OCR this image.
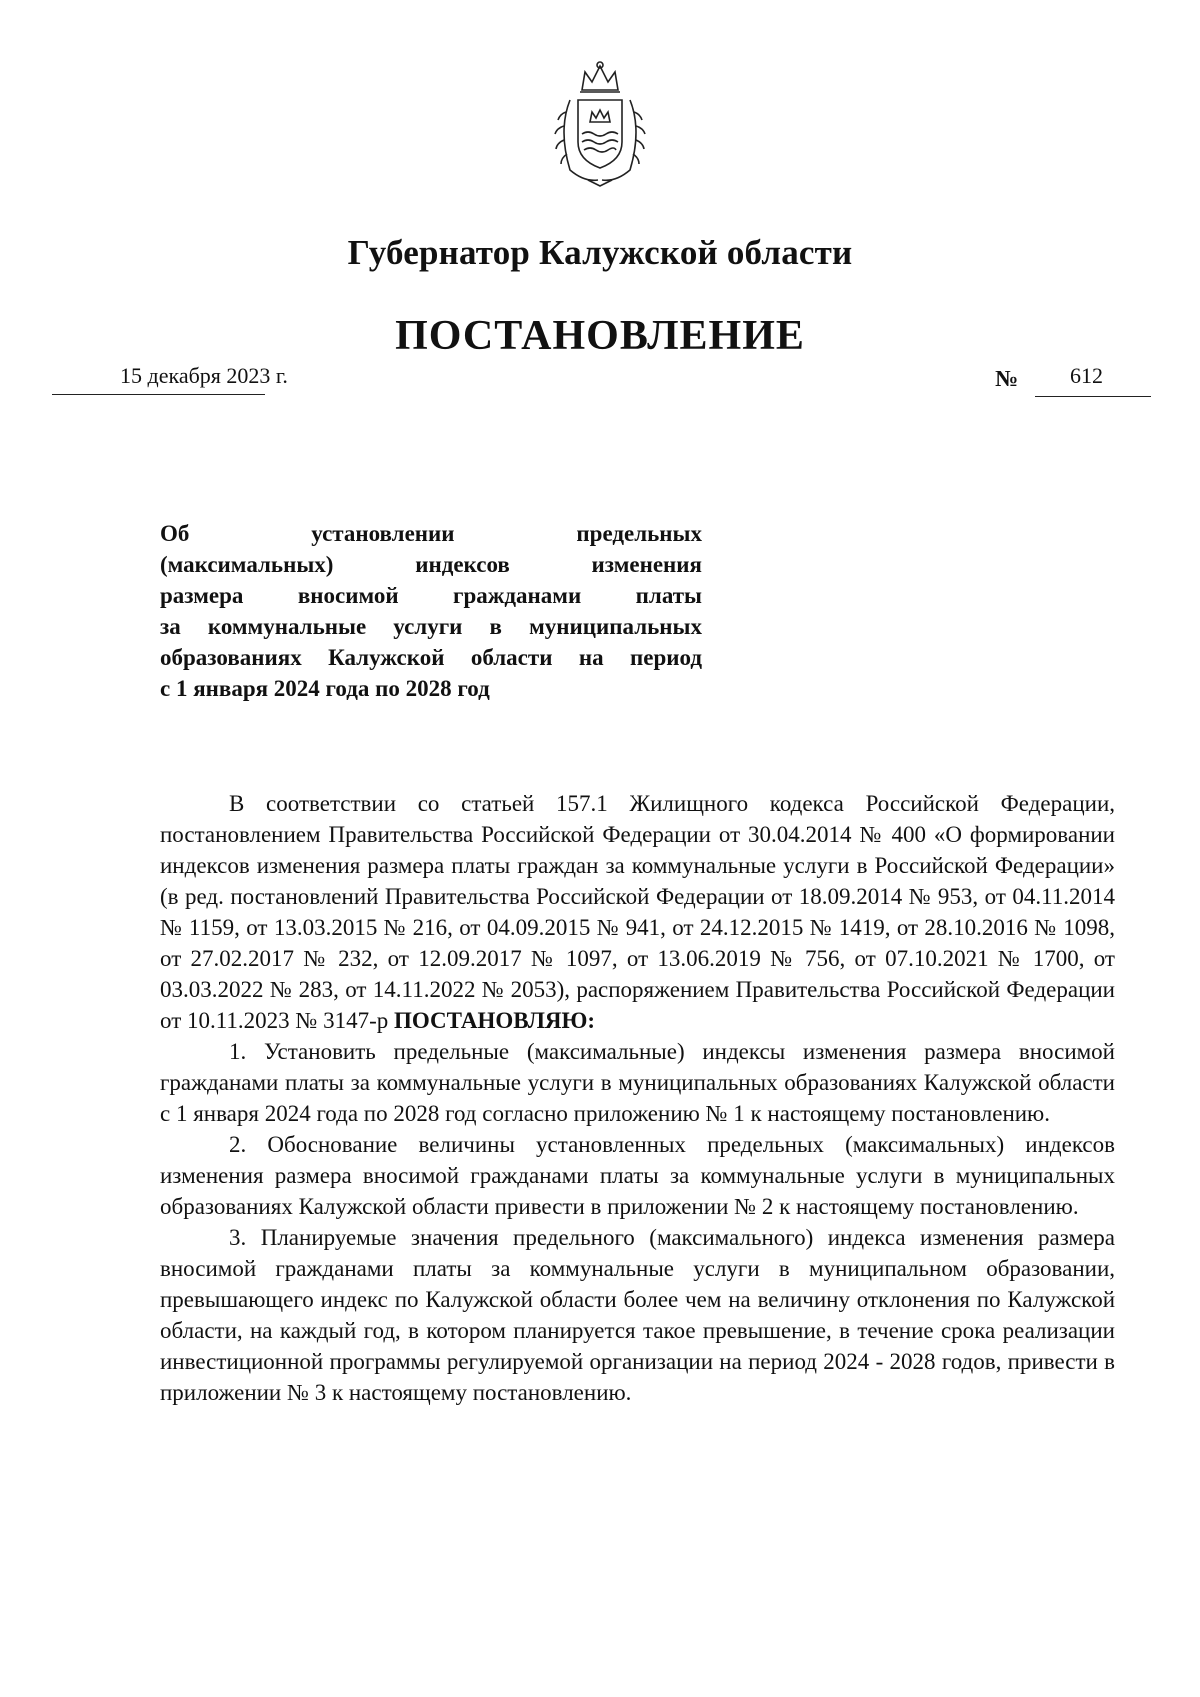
Губернатор Калужской области
ПОСТАНОВЛЕНИЕ
15 декабря 2023 г.	№ 612
Об установлении предельных
(максимальных) индексов изменения
размера вносимой гражданами платы
за коммунальные услуги в муниципальных
образованиях Калужской области на период
с 1 января 2024 года по 2028 год

В соответствии со статьей 157.1 Жилищного кодекса Российской Федерации, постановлением Правительства Российской Федерации от 30.04.2014 № 400 «О формировании индексов изменения размера платы граждан за коммунальные услуги в Российской Федерации» (в ред. постановлений Правительства Российской Федерации от 18.09.2014 № 953, от 04.11.2014 № 1159, от 13.03.2015 № 216, от 04.09.2015 № 941, от 24.12.2015 № 1419, от 28.10.2016 № 1098, от 27.02.2017 № 232, от 12.09.2017 № 1097, от 13.06.2019 № 756, от 07.10.2021 № 1700, от 03.03.2022 № 283, от 14.11.2022 № 2053), распоряжением Правительства Российской Федерации от 10.11.2023 № 3147-р ПОСТАНОВЛЯЮ:

1. Установить предельные (максимальные) индексы изменения размера вносимой гражданами платы за коммунальные услуги в муниципальных образованиях Калужской области с 1 января 2024 года по 2028 год согласно приложению № 1 к настоящему постановлению.

2. Обоснование величины установленных предельных (максимальных) индексов изменения размера вносимой гражданами платы за коммунальные услуги в муниципальных образованиях Калужской области привести в приложении № 2 к настоящему постановлению.

3. Планируемые значения предельного (максимального) индекса изменения размера вносимой гражданами платы за коммунальные услуги в муниципальном образовании, превышающего индекс по Калужской области более чем на величину отклонения по Калужской области, на каждый год, в котором планируется такое превышение, в течение срока реализации инвестиционной программы регулируемой организации на период 2024 - 2028 годов, привести в приложении № 3 к настоящему постановлению.
